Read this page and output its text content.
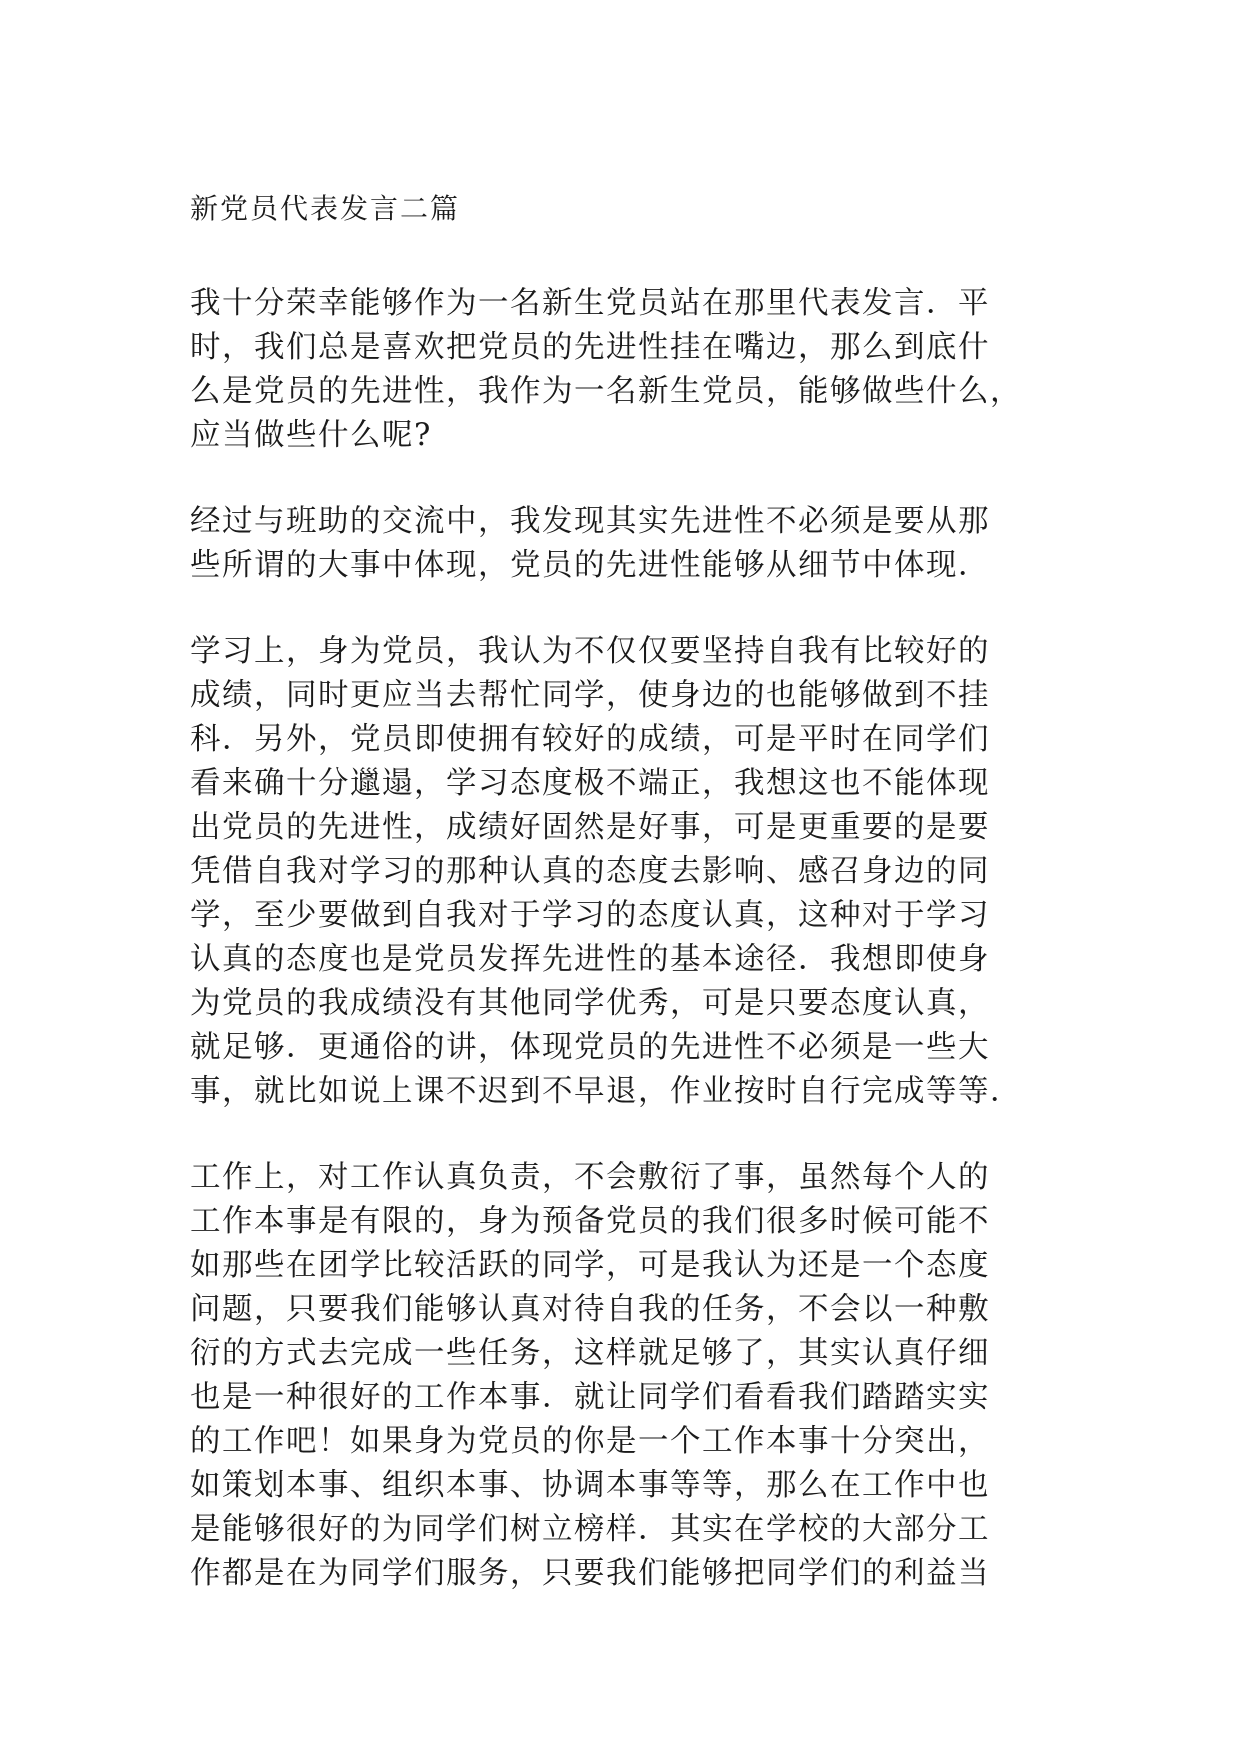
新党员代表发言二篇
我十分荣幸能够作为一名新生党员站在那里代表发言．平
时，我们总是喜欢把党员的先进性挂在嘴边，那么到底什
么是党员的先进性，我作为一名新生党员，能够做些什么，
应当做些什么呢?
经过与班助的交流中，我发现其实先进性不必须是要从那
些所谓的大事中体现，党员的先进性能够从细节中体现．
学习上，身为党员，我认为不仅仅要坚持自我有比较好的
成绩，同时更应当去帮忙同学，使身边的也能够做到不挂
科．另外，党员即使拥有较好的成绩，可是平时在同学们
看来确十分邋遢，学习态度极不端正，我想这也不能体现
出党员的先进性，成绩好固然是好事，可是更重要的是要
凭借自我对学习的那种认真的态度去影响、感召身边的同
学，至少要做到自我对于学习的态度认真，这种对于学习
认真的态度也是党员发挥先进性的基本途径．我想即使身
为党员的我成绩没有其他同学优秀，可是只要态度认真，
就足够．更通俗的讲，体现党员的先进性不必须是一些大
事，就比如说上课不迟到不早退，作业按时自行完成等等．
工作上，对工作认真负责，不会敷衍了事，虽然每个人的
工作本事是有限的，身为预备党员的我们很多时候可能不
如那些在团学比较活跃的同学，可是我认为还是一个态度
问题，只要我们能够认真对待自我的任务，不会以一种敷
衍的方式去完成一些任务，这样就足够了，其实认真仔细
也是一种很好的工作本事．就让同学们看看我们踏踏实实
的工作吧！如果身为党员的你是一个工作本事十分突出，
如策划本事、组织本事、协调本事等等，那么在工作中也
是能够很好的为同学们树立榜样．其实在学校的大部分工
作都是在为同学们服务，只要我们能够把同学们的利益当
